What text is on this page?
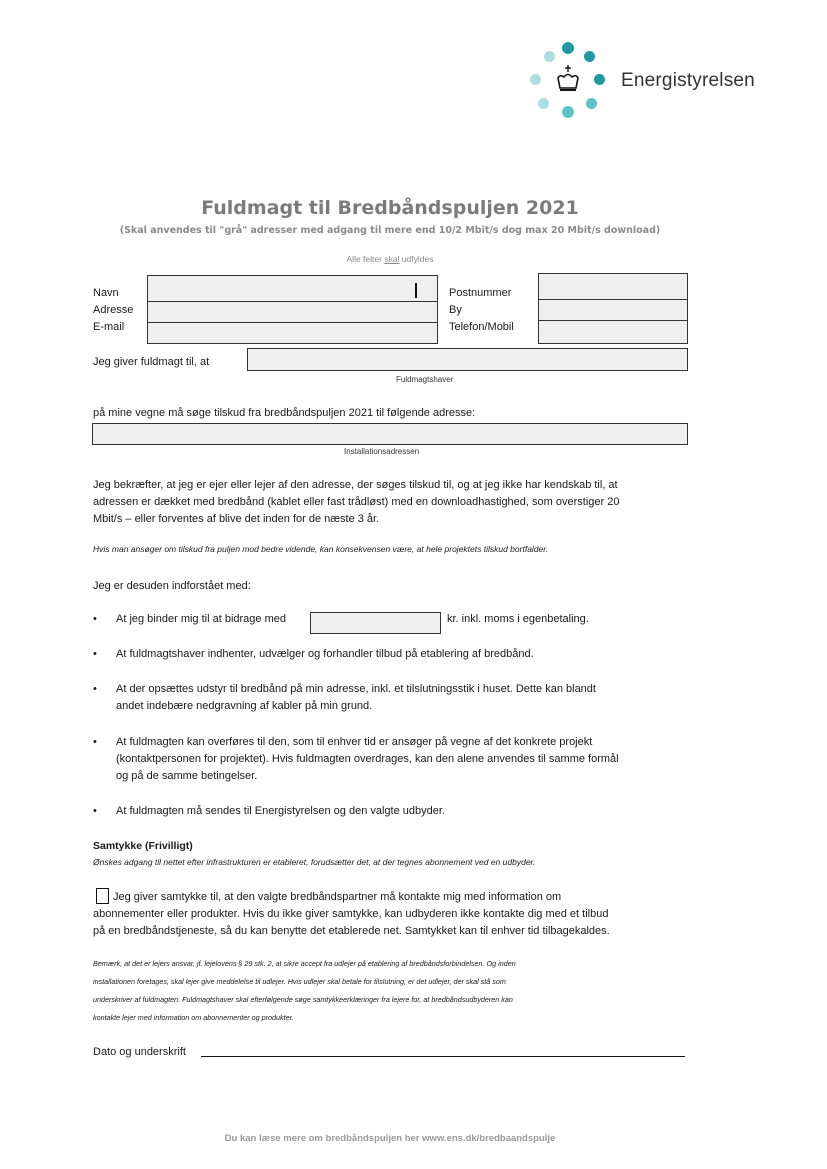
Energistyrelsen
Fuldmagt til Bredbåndspuljen 2021
(Skal anvendes til "grå" adresser med adgang til mere end 10/2 Mbit/s dog max 20 Mbit/s download)
Alle felter skal udfyldes
Navn
Adresse
E-mail
Postnummer
By
Telefon/Mobil
Jeg giver fuldmagt til, at
Fuldmagtshaver
på mine vegne må søge tilskud fra bredbåndspuljen 2021 til følgende adresse:
Installationsadressen
Jeg bekræfter, at jeg er ejer eller lejer af den adresse, der søges tilskud til, og at jeg ikke har kendskab til, at
adressen er dækket med bredbånd (kablet eller fast trådløst) med en downloadhastighed, som overstiger 20
Mbit/s – eller forventes af blive det inden for de næste 3 år.
Hvis man ansøger om tilskud fra puljen mod bedre vidende, kan konsekvensen være, at hele projektets tilskud bortfalder.
Jeg er desuden indforstået med:
• At jeg binder mig til at bidrage med	kr. inkl. moms i egenbetaling.
• At fuldmagtshaver indhenter, udvælger og forhandler tilbud på etablering af bredbånd.
• At der opsættes udstyr til bredbånd på min adresse, inkl. et tilslutningsstik i huset. Dette kan blandt
andet indebære nedgravning af kabler på min grund.
• At fuldmagten kan overføres til den, som til enhver tid er ansøger på vegne af det konkrete projekt
(kontaktpersonen for projektet). Hvis fuldmagten overdrages, kan den alene anvendes til samme formål
og på de samme betingelser.
• At fuldmagten må sendes til Energistyrelsen og den valgte udbyder.
Samtykke (Frivilligt)
Ønskes adgang til nettet efter infrastrukturen er etableret, forudsætter det, at der tegnes abonnement ved en udbyder.
Jeg giver samtykke til, at den valgte bredbåndspartner må kontakte mig med information om
abonnementer eller produkter. Hvis du ikke giver samtykke, kan udbyderen ikke kontakte dig med et tilbud
på en bredbåndstjeneste, så du kan benytte det etablerede net. Samtykket kan til enhver tid tilbagekaldes.
Bemærk, at det er lejers ansvar, jf. lejelovens § 29 stk. 2, at sikre accept fra udlejer på etablering af bredbåndsforbindelsen. Og inden
installationen foretages, skal lejer give meddelelse til udlejer. Hvis udlejer skal betale for tilslutning, er det udlejer, der skal stå som
underskriver af fuldmagten. Fuldmagtshaver skal efterfølgende søge samtykkeerklæringer fra lejere for, at bredbåndsudbyderen kan
kontakte lejer med information om abonnementer og produkter.
Dato og underskrift
Du kan læse mere om bredbåndspuljen her www.ens.dk/bredbaandspulje
